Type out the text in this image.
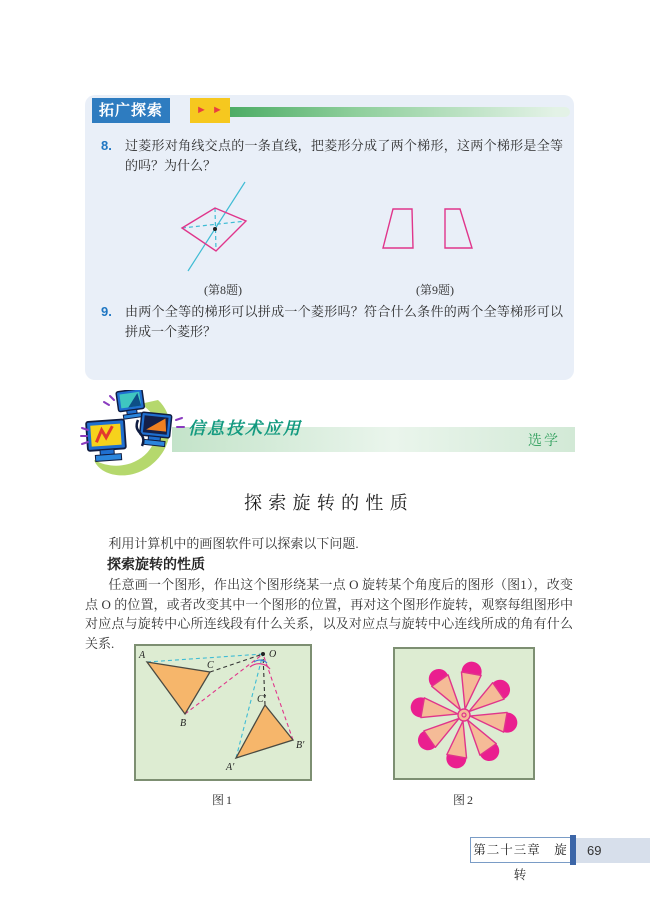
拓广探索	► ►
8.	过菱形对角线交点的一条直线，把菱形分成了两个梯形，这两个梯形是全等的吗？为什么？
(第8题)	(第9题)
9.	由两个全等的梯形可以拼成一个菱形吗？符合什么条件的两个全等梯形可以拼成一个菱形？
信息技术应用
选学
探索旋转的性质
利用计算机中的画图软件可以探索以下问题.
探索旋转的性质
任意画一个图形，作出这个图形绕某一点 O 旋转某个角度后的图形（图1），改变点 O 的位置，或者改变其中一个图形的位置，再对这个图形作旋转，观察每组图形中对应点与旋转中心所连线段有什么关系，以及对应点与旋转中心连线所成的角有什么关系.
A
C
B
O
C′
B′
A′
图1	图2
第二十三章　旋转
69
